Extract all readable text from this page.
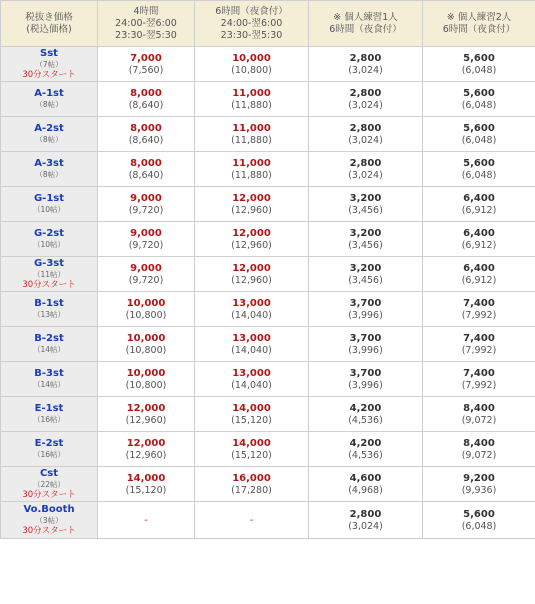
税抜き価格
(税込価格)	4時間
24:00-翌6:00
23:30-翌5:30	6時間（夜食付）
24:00-翌6:00
23:30-翌5:30	※ 個人練習1人
6時間（夜食付）	※ 個人練習2人
6時間（夜食付）

Sst
（7帖）
30分スタート	7,000
(7,560)	10,000
(10,800)	2,800
(3,024)	5,600
(6,048)

A-1st
（8帖）	8,000
(8,640)	11,000
(11,880)	2,800
(3,024)	5,600
(6,048)

A-2st
（8帖）	8,000
(8,640)	11,000
(11,880)	2,800
(3,024)	5,600
(6,048)

A-3st
（8帖）	8,000
(8,640)	11,000
(11,880)	2,800
(3,024)	5,600
(6,048)

G-1st
（10帖）	9,000
(9,720)	12,000
(12,960)	3,200
(3,456)	6,400
(6,912)

G-2st
（10帖）	9,000
(9,720)	12,000
(12,960)	3,200
(3,456)	6,400
(6,912)

G-3st
（11帖）
30分スタート	9,000
(9,720)	12,000
(12,960)	3,200
(3,456)	6,400
(6,912)

B-1st
（13帖）	10,000
(10,800)	13,000
(14,040)	3,700
(3,996)	7,400
(7,992)

B-2st
（14帖）	10,000
(10,800)	13,000
(14,040)	3,700
(3,996)	7,400
(7,992)

B-3st
（14帖）	10,000
(10,800)	13,000
(14,040)	3,700
(3,996)	7,400
(7,992)

E-1st
（16帖）	12,000
(12,960)	14,000
(15,120)	4,200
(4,536)	8,400
(9,072)

E-2st
（16帖）	12,000
(12,960)	14,000
(15,120)	4,200
(4,536)	8,400
(9,072)

Cst
（22帖）
30分スタート	14,000
(15,120)	16,000
(17,280)	4,600
(4,968)	9,200
(9,936)

Vo.Booth
（3帖）
30分スタート	-	-	2,800
(3,024)	5,600
(6,048)
